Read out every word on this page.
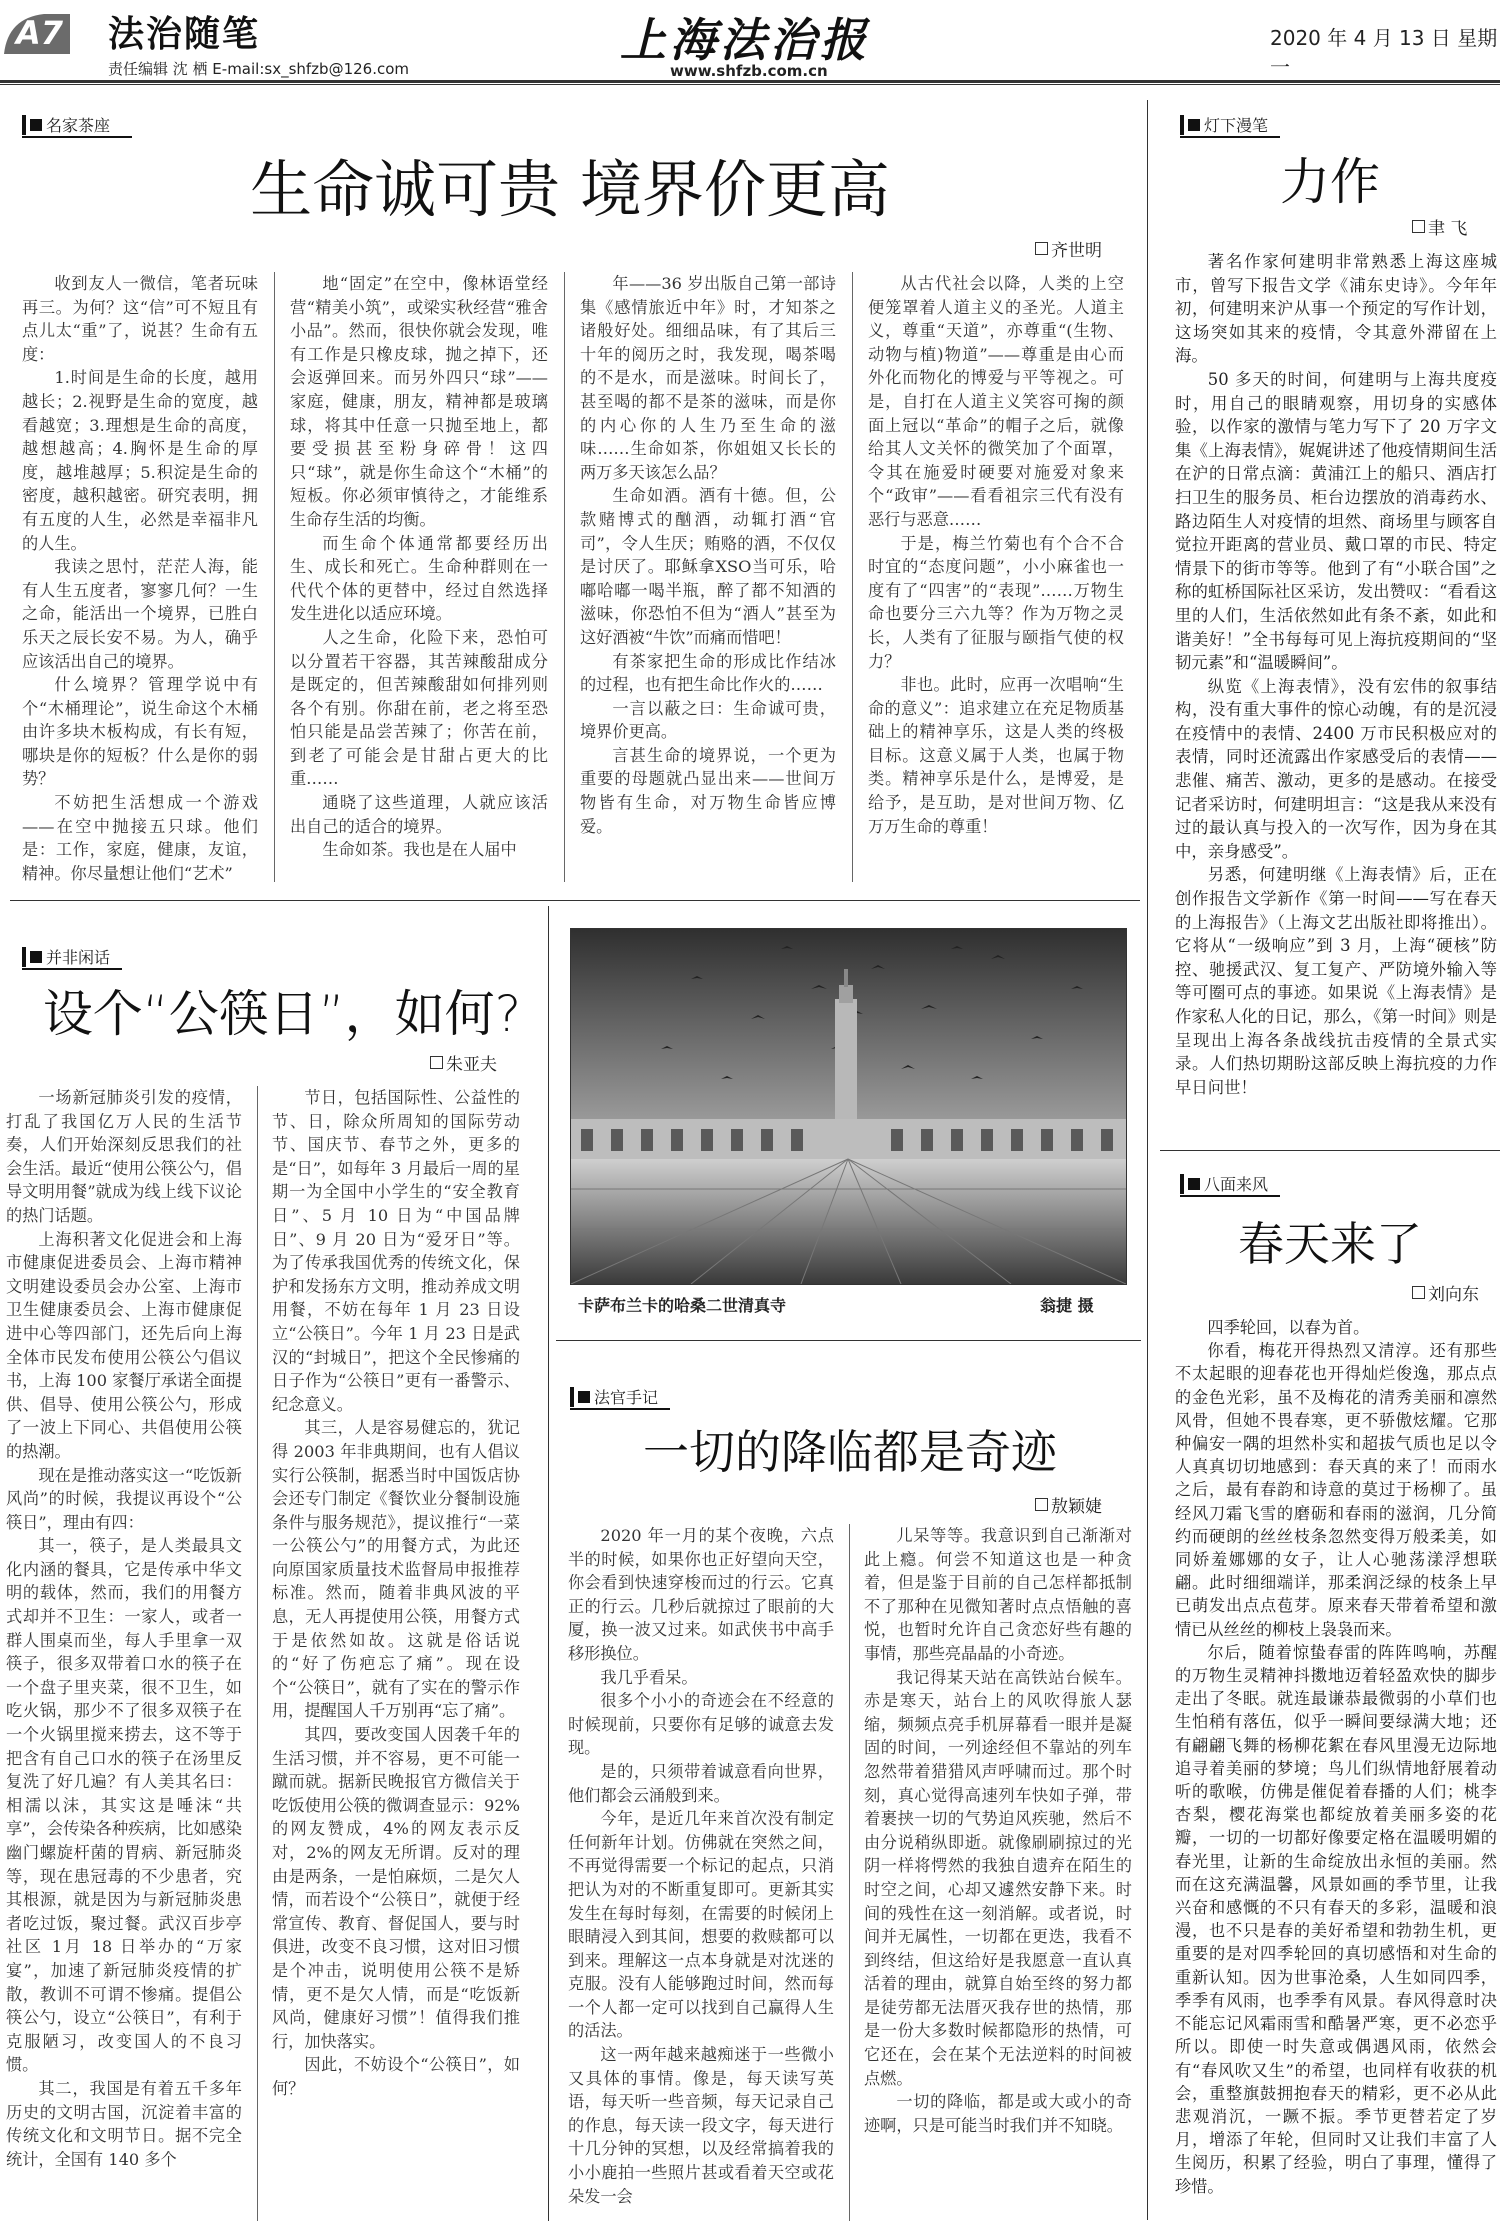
A7 法治随笔
责任编辑 沈 栖 E-mail:sx_shfzb@126.com
上海法治报
www.shfzb.com.cn
2020 年 4 月 13 日 星期一
名家茶座
生命诚可贵 境界价更高
齐世明

收到友人一微信，笔者玩味再三。为何？这“信”可不短且有点儿太“重”了，说甚？生命有五度：

1.时间是生命的长度，越用越长；2.视野是生命的宽度，越看越宽；3.理想是生命的高度，越想越高；4.胸怀是生命的厚度，越堆越厚；5.积淀是生命的密度，越积越密。研究表明，拥有五度的人生，必然是幸福非凡的人生。

我读之思忖，茫茫人海，能有人生五度者，寥寥几何？一生之命，能活出一个境界，已胜白乐天之辰长安不易。为人，确乎应该活出自己的境界。

什么境界？管理学说中有个“木桶理论”，说生命这个木桶由许多块木板构成，有长有短，哪块是你的短板？什么是你的弱势？

不妨把生活想成一个游戏——在空中抛接五只球。他们是：工作，家庭，健康，友谊，精神。你尽量想让他们“艺术”

地“固定”在空中，像林语堂经营“精美小筑”，或梁实秋经营“雅舍小品”。然而，很快你就会发现，唯有工作是只橡皮球，抛之掉下，还会返弹回来。而另外四只“球”——家庭，健康，朋友，精神都是玻璃球，将其中任意一只抛至地上，都要受损甚至粉身碎骨！这四只“球”，就是你生命这个“木桶”的短板。你必须审慎待之，才能维系生命存生活的均衡。

而生命个体通常都要经历出生、成长和死亡。生命种群则在一代代个体的更替中，经过自然选择发生进化以适应环境。

人之生命，化险下来，恐怕可以分置若干容器，其苦辣酸甜成分是既定的，但苦辣酸甜如何排列则各个有别。你甜在前，老之将至恐怕只能是品尝苦辣了；你苦在前，到老了可能会是甘甜占更大的比重……

通晓了这些道理，人就应该活出自己的适合的境界。

生命如茶。我也是在人届中

年——36 岁出版自己第一部诗集《感情旅近中年》时，才知茶之诸般好处。细细品味，有了其后三十年的阅历之时，我发现，喝茶喝的不是水，而是滋味。时间长了，甚至喝的都不是茶的滋味，而是你的内心你的人生乃至生命的滋味……生命如茶，你姐姐又长长的两万多天该怎么品？

生命如酒。酒有十德。但，公款赌博式的酗酒，动辄打酒“官司”，令人生厌；贿赂的酒，不仅仅是讨厌了。耶稣拿XSO当可乐，哈嘟哈嘟一喝半瓶，醉了都不知酒的滋味，你恐怕不但为“酒人”甚至为这好酒被“牛饮”而痛而惜吧！

有茶家把生命的形成比作结冰的过程，也有把生命比作火的……

一言以蔽之曰：生命诚可贵，境界价更高。

言甚生命的境界说，一个更为重要的母题就凸显出来——世间万物皆有生命，对万物生命皆应博爱。

从古代社会以降，人类的上空便笼罩着人道主义的圣光。人道主义，尊重“天道”，亦尊重“(生物、动物与植)物道”——尊重是由心而外化而物化的博爱与平等视之。可是，自打在人道主义笑容可掬的颜面上冠以“革命”的帽子之后，就像给其人文关怀的微笑加了个面罩，令其在施爱时硬要对施爱对象来个“政审”——看看祖宗三代有没有恶行与恶意……

于是，梅兰竹菊也有个合不合时宜的“态度问题”，小小麻雀也一度有了“四害”的“表现”……万物生命也要分三六九等？作为万物之灵长，人类有了征服与颐指气使的权力？

非也。此时，应再一次唱响“生命的意义”：追求建立在充足物质基础上的精神享乐，这是人类的终极目标。这意义属于人类，也属于物类。精神享乐是什么，是博爱，是给予，是互助，是对世间万物、亿万万生命的尊重！

灯下漫笔
力作
聿 飞

著名作家何建明非常熟悉上海这座城市，曾写下报告文学《浦东史诗》。今年年初，何建明来沪从事一个预定的写作计划，这场突如其来的疫情，令其意外滞留在上海。

50 多天的时间，何建明与上海共度疫时，用自己的眼睛观察，用切身的实感体验，以作家的激情与笔力写下了 20 万字文集《上海表情》，娓娓讲述了他疫情期间生活在沪的日常点滴：黄浦江上的船只、酒店打扫卫生的服务员、柜台边摆放的消毒药水、路边陌生人对疫情的坦然、商场里与顾客自觉拉开距离的营业员、戴口罩的市民、特定情景下的街市等等。他到了有“小联合国”之称的虹桥国际社区采访，发出赞叹：“看看这里的人们，生活依然如此有条不紊，如此和谐美好！”全书每每可见上海抗疫期间的“坚韧元素”和“温暖瞬间”。

纵览《上海表情》，没有宏伟的叙事结构，没有重大事件的惊心动魄，有的是沉浸在疫情中的表情、2400 万市民积极应对的表情，同时还流露出作家感受后的表情——悲催、痛苦、激动，更多的是感动。在接受记者采访时，何建明坦言：“这是我从来没有过的最认真与投入的一次写作，因为身在其中，亲身感受”。

另悉，何建明继《上海表情》后，正在创作报告文学新作《第一时间——写在春天的上海报告》（上海文艺出版社即将推出）。它将从“一级响应”到 3 月，上海“硬核”防控、驰援武汉、复工复产、严防境外输入等等可圈可点的事迹。如果说《上海表情》是作家私人化的日记，那么，《第一时间》则是呈现出上海各条战线抗击疫情的全景式实录。人们热切期盼这部反映上海抗疫的力作早日问世！

并非闲话
设个“公筷日”，如何?
朱亚夫

一场新冠肺炎引发的疫情，打乱了我国亿万人民的生活节奏，人们开始深刻反思我们的社会生活。最近“使用公筷公勺，倡导文明用餐”就成为线上线下议论的热门话题。

上海积著文化促进会和上海市健康促进委员会、上海市精神文明建设委员会办公室、上海市卫生健康委员会、上海市健康促进中心等四部门，还先后向上海全体市民发布使用公筷公勺倡议书，上海 100 家餐厅承诺全面提供、倡导、使用公筷公勺，形成了一波上下同心、共倡使用公筷的热潮。

现在是推动落实这一“吃饭新风尚”的时候，我提议再设个“公筷日”，理由有四：

其一，筷子，是人类最具文化内涵的餐具，它是传承中华文明的载体，然而，我们的用餐方式却并不卫生：一家人，或者一群人围桌而坐，每人手里拿一双筷子，很多双带着口水的筷子在一个盘子里夹菜，很不卫生，如吃火锅，那少不了很多双筷子在一个火锅里搅来捞去，这不等于把含有自己口水的筷子在汤里反复洗了好几遍？有人美其名曰：相濡以沫，其实这是唾沫“共享”，会传染各种疾病，比如感染幽门螺旋杆菌的胃病、新冠肺炎等，现在患冠毒的不少患者，究其根源，就是因为与新冠肺炎患者吃过饭，聚过餐。武汉百步亭社区 1月 18 日举办的“万家宴”，加速了新冠肺炎疫情的扩散，教训不可谓不惨痛。提倡公筷公勺，设立“公筷日”，有利于克服陋习，改变国人的不良习惯。

其二，我国是有着五千多年历史的文明古国，沉淀着丰富的传统文化和文明节日。据不完全统计，全国有 140 多个

节日，包括国际性、公益性的节、日，除众所周知的国际劳动节、国庆节、春节之外，更多的是“日”，如每年 3 月最后一周的星期一为全国中小学生的“安全教育日”、5 月 10 日为“中国品牌日”、9 月 20 日为“爱牙日”等。为了传承我国优秀的传统文化，保护和发扬东方文明，推动养成文明用餐，不妨在每年 1 月 23 日设立“公筷日”。今年 1 月 23 日是武汉的“封城日”，把这个全民惨痛的日子作为“公筷日”更有一番警示、纪念意义。

其三，人是容易健忘的，犹记得 2003 年非典期间，也有人倡议实行公筷制，据悉当时中国饭店协会还专门制定《餐饮业分餐制设施条件与服务规范》，提议推行“一菜一公筷公勺”的用餐方式，为此还向原国家质量技术监督局申报推荐标准。然而，随着非典风波的平息，无人再提使用公筷，用餐方式于是依然如故。这就是俗话说的“好了伤疤忘了痛”。现在设个“公筷日”，就有了实在的警示作用，提醒国人千万别再“忘了痛”。

其四，要改变国人因袭千年的生活习惯，并不容易，更不可能一蹴而就。据新民晚报官方微信关于吃饭使用公筷的微调查显示：92%的网友赞成，4%的网友表示反对，2%的网友无所谓。反对的理由是两条，一是怕麻烦，二是欠人情，而若设个“公筷日”，就便于经常宣传、教育、督促国人，要与时俱进，改变不良习惯，这对旧习惯是个冲击，说明使用公筷不是矫情，更不是欠人情，而是“吃饭新风尚，健康好习惯”！值得我们推行，加快落实。

因此，不妨设个“公筷日”，如何？

卡萨布兰卡的哈桑二世清真寺	翁捷 摄
法官手记
一切的降临都是奇迹
敖颖婕

2020 年一月的某个夜晚，六点半的时候，如果你也正好望向天空，你会看到快速穿梭而过的行云。它真正的行云。几秒后就掠过了眼前的大厦，换一波又过来。如武侠书中高手移形换位。

我几乎看呆。

很多个小小的奇迹会在不经意的时候现前，只要你有足够的诚意去发现。

是的，只须带着诚意看向世界，他们都会云涌般到来。

今年，是近几年来首次没有制定任何新年计划。仿佛就在突然之间，不再觉得需要一个标记的起点，只消把认为对的不断重复即可。更新其实发生在每时每刻，在需要的时候闭上眼睛浸入到其间，想要的救赎都可以到来。理解这一点本身就是对沈迷的克服。没有人能够跑过时间，然而每一个人都一定可以找到自己赢得人生的活法。

这一两年越来越痴迷于一些微小又具体的事情。像是，每天读写英语，每天听一些音频，每天记录自己的作息，每天读一段文字，每天进行十几分钟的冥想，以及经常搞着我的小小鹿拍一些照片甚或看着天空或花朵发一会

儿呆等等。我意识到自己渐渐对此上瘾。何尝不知道这也是一种贪着，但是鉴于目前的自己怎样都抵制不了那种在见微知著时点点悟触的喜悦，也暂时允许自己贪恋好些有趣的事情，那些亮晶晶的小奇迹。

我记得某天站在高铁站台候车。赤是寒天，站台上的风吹得旅人瑟缩，频频点亮手机屏幕看一眼并是凝固的时间，一列途经但不靠站的列车忽然带着猎猎风声呼啸而过。那个时刻，真心觉得高速列车快如子弹，带着裹挟一切的气势迫风疾驰，然后不由分说稍纵即逝。就像刷刷掠过的光阴一样将愕然的我独自遗弃在陌生的时空之间，心却又遽然安静下来。时间的残性在这一刻消解。或者说，时间并无属性，一切都在更迭，我看不到终结，但这给好是我愿意一直认真活着的理由，就算自始至终的努力都是徒劳都无法厝灭我存世的热情，那是一份大多数时候都隐形的热情，可它还在，会在某个无法逆料的时间被点燃。

一切的降临，都是或大或小的奇迹啊，只是可能当时我们并不知晓。

八面来风
春天来了
刘向东

四季轮回，以春为首。

你看，梅花开得热烈又清淳。还有那些不太起眼的迎春花也开得灿烂俊逸，那点点的金色光彩，虽不及梅花的清秀美丽和凛然风骨，但她不畏春寒，更不骄傲炫耀。它那种偏安一隅的坦然朴实和超拔气质也足以令人真真切切地感到：春天真的来了！而雨水之后，最有春韵和诗意的莫过于杨柳了。虽经风刀霜飞雪的磨砺和春雨的滋润，几分简约而硬朗的丝丝枝条忽然变得万般柔美，如同娇羞娜娜的女子，让人心驰荡漾浮想联翩。此时细细端详，那柔润泛绿的枝条上早已萌发出点点苞芽。原来春天带着希望和激情已从丝丝的柳枝上袅袅而来。

尔后，随着惊蛰春雷的阵阵鸣响，苏醒的万物生灵精神抖擞地迈着轻盈欢快的脚步走出了冬眠。就连最谦恭最微弱的小草们也生怕稍有落伍，似乎一瞬间要绿满大地；还有翩翩飞舞的杨柳花絮在春风里漫无边际地追寻着美丽的梦境；鸟儿们纵情地舒展着动听的歌喉，仿佛是催促着春播的人们；桃李杏梨，樱花海棠也都绽放着美丽多姿的花瓣，一切的一切都好像要定格在温暖明媚的春光里，让新的生命绽放出永恒的美丽。然而在这充满温馨，风景如画的季节里，让我兴奋和感慨的不只有春天的多彩，温暖和浪漫，也不只是春的美好希望和勃勃生机，更重要的是对四季轮回的真切感悟和对生命的重新认知。因为世事沧桑，人生如同四季，季季有风雨，也季季有风景。春风得意时决不能忘记风霜雨雪和酷暑严寒，更不必恋乎所以。即使一时失意或偶遇风雨，依然会有“春风吹又生”的希望，也同样有收获的机会，重整旗鼓拥抱春天的精彩，更不必从此悲观消沉，一蹶不振。季节更替若定了岁月，增添了年轮，但同时又让我们丰富了人生阅历，积累了经验，明白了事理，懂得了珍惜。
